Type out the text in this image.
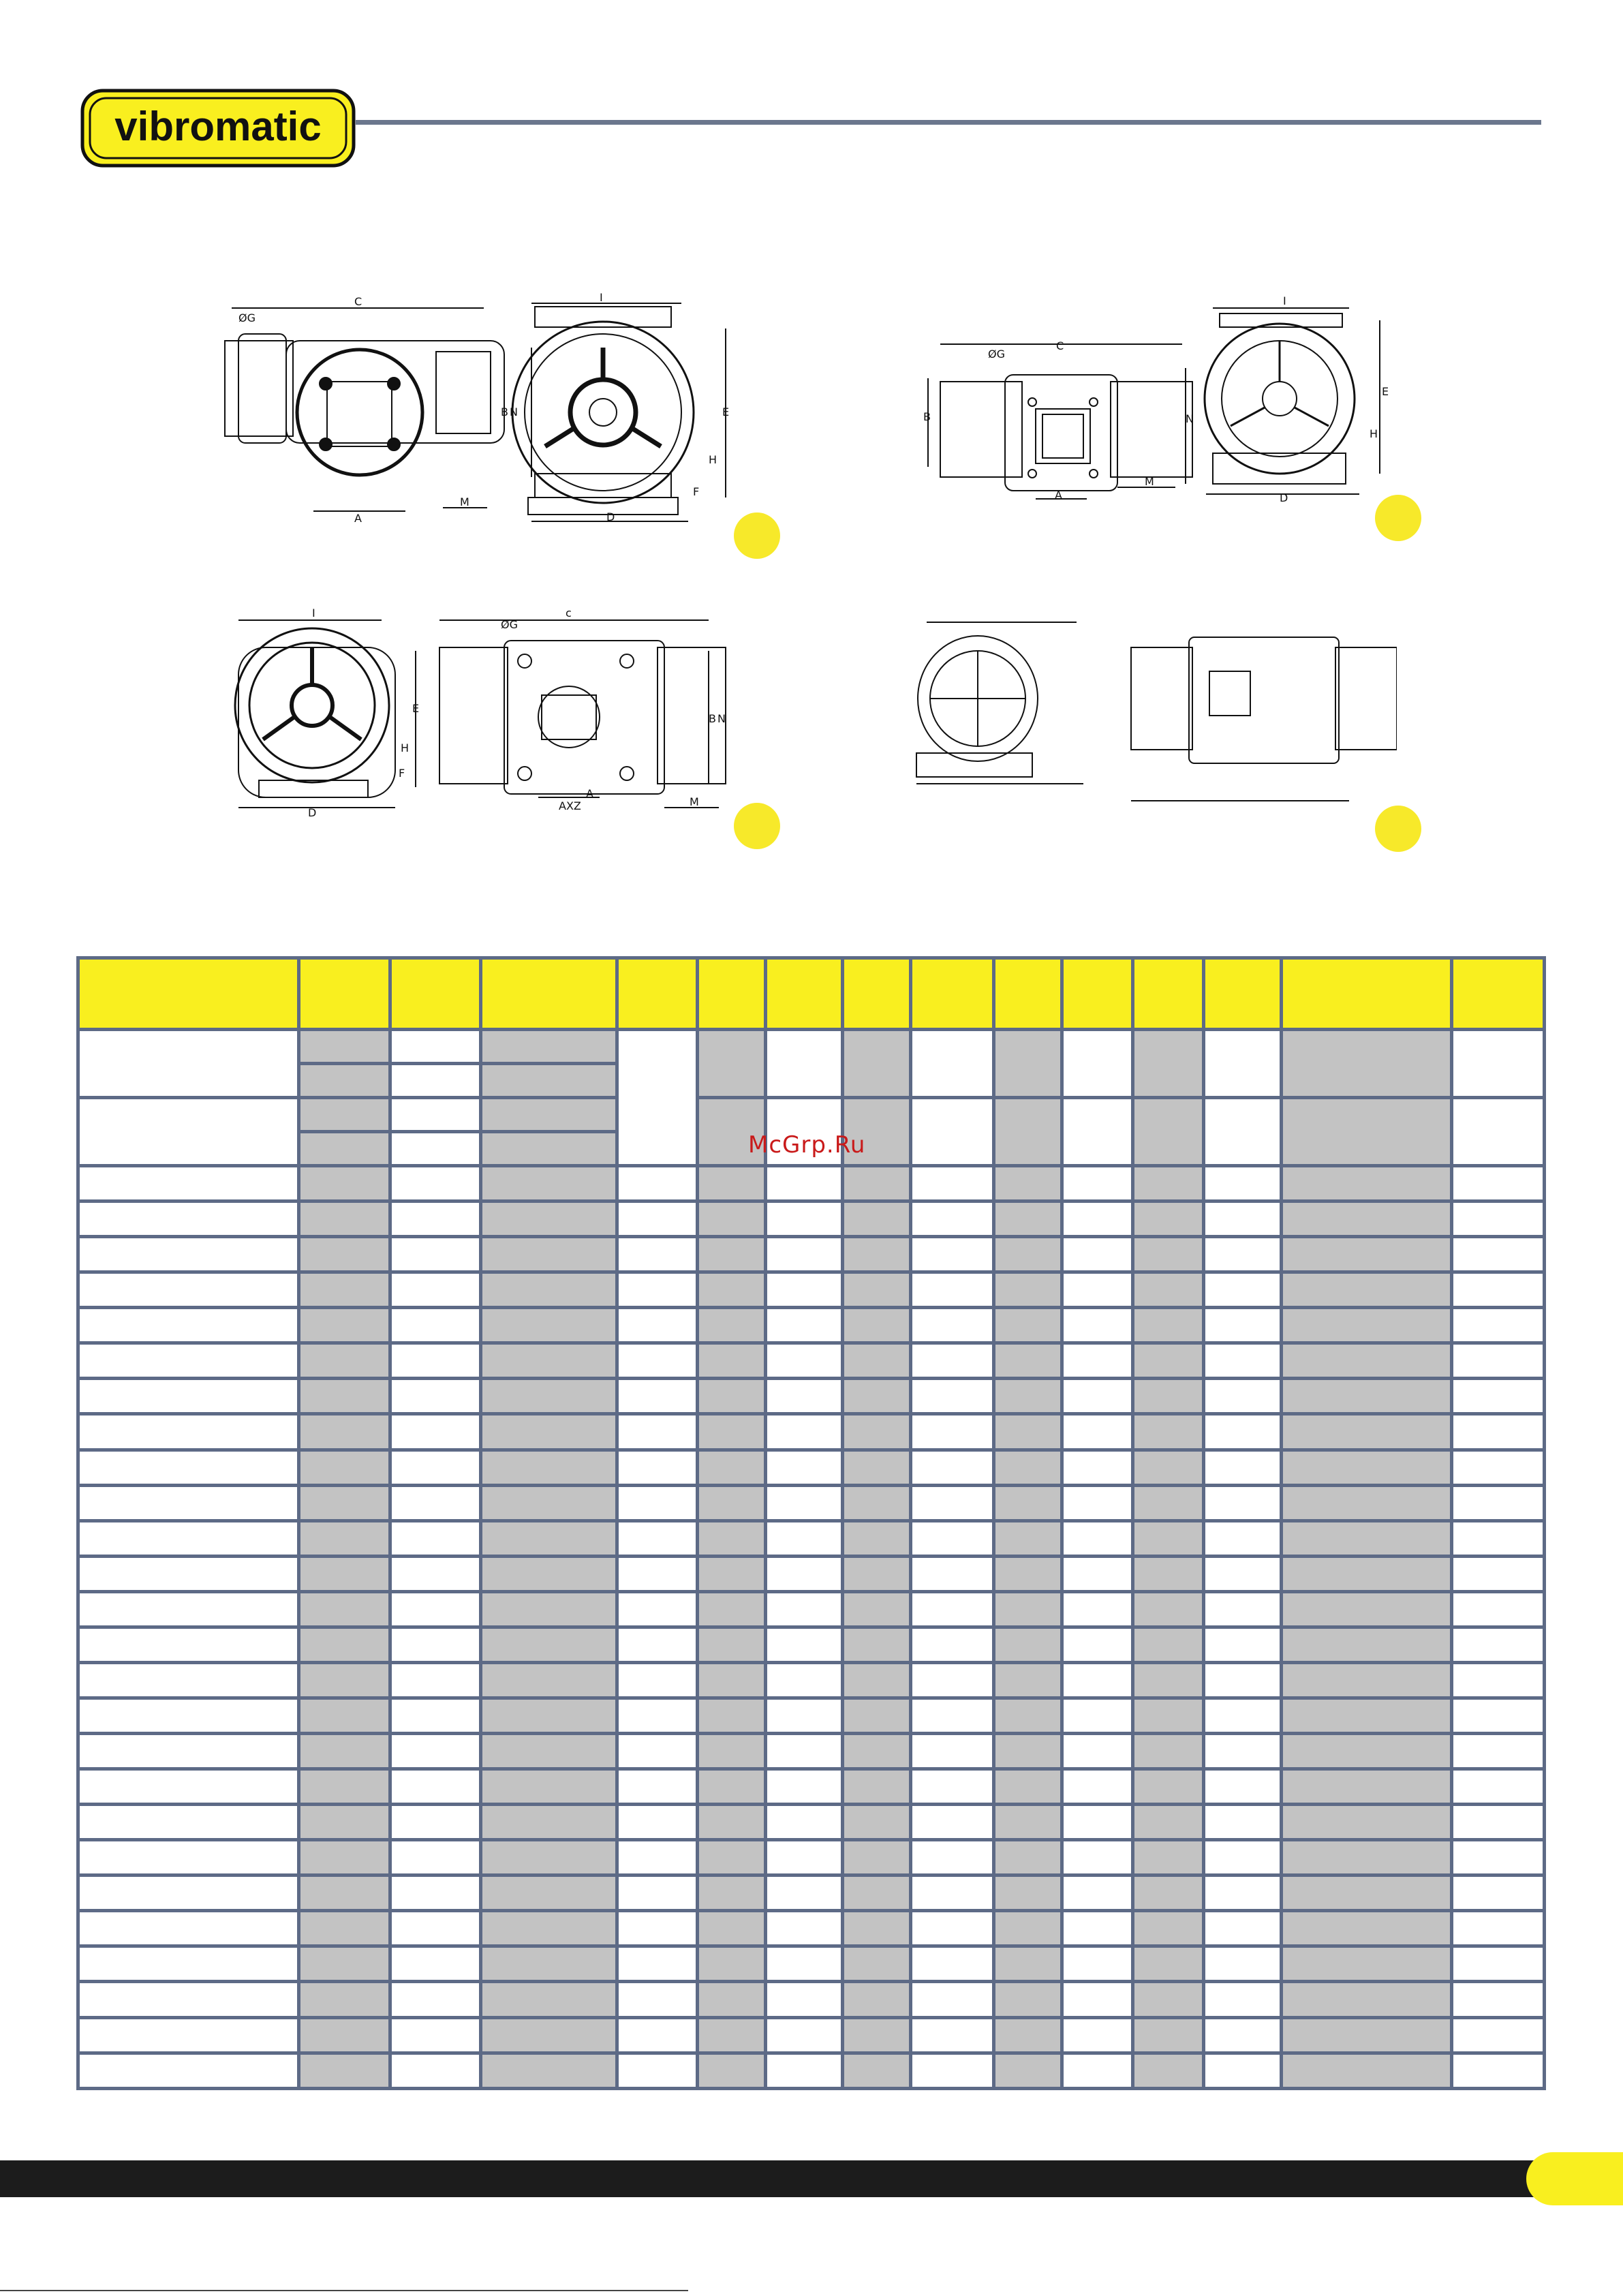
vibromatic
C
ØG
B N
A
M
I
E
H
F
D
ØG
C
B	N
A
M
I
E
H
D
I
ØG
c
E
H
F
B N
A
AXZ
D
M

McGrp.Ru
